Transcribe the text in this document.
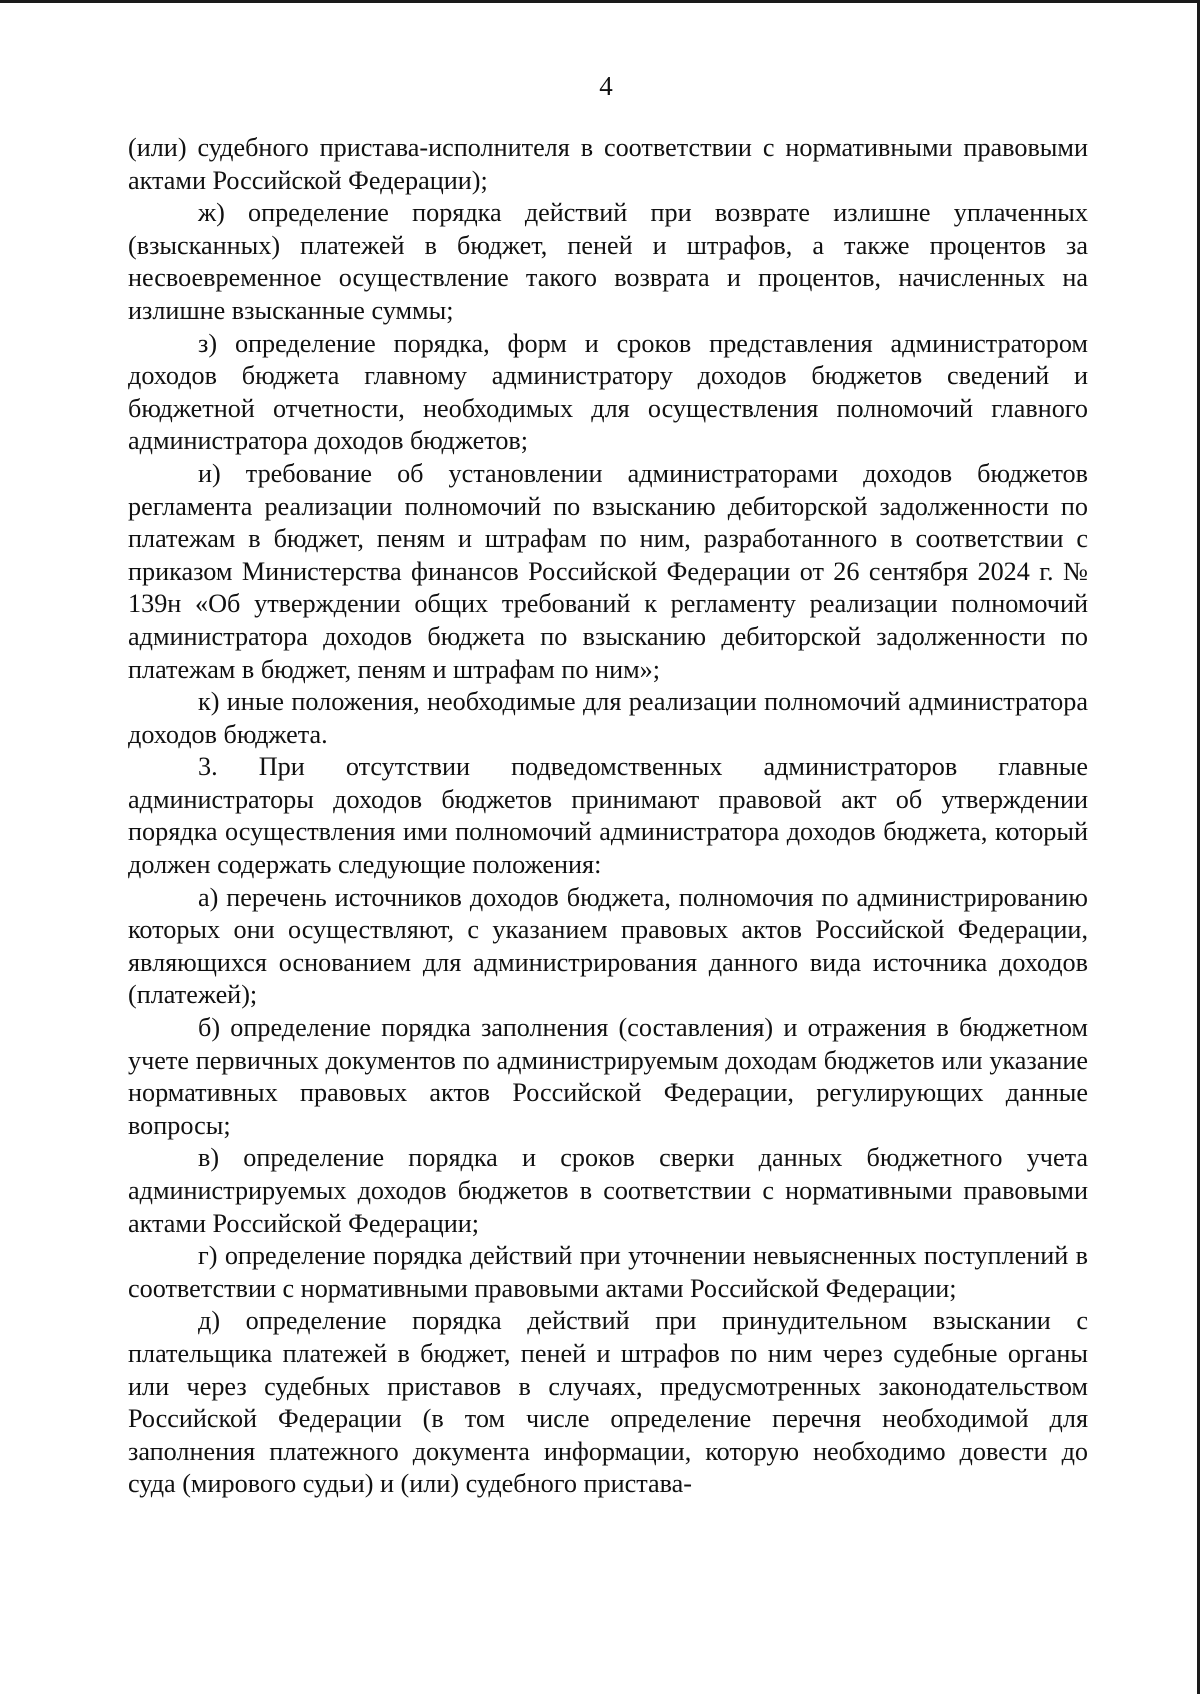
4

(или) судебного пристава-исполнителя в соответствии с нормативными правовыми актами Российской Федерации);

ж) определение порядка действий при возврате излишне уплаченных (взысканных) платежей в бюджет, пеней и штрафов, а также процентов за несвоевременное осуществление такого возврата и процентов, начисленных на излишне взысканные суммы;

з) определение порядка, форм и сроков представления администратором доходов бюджета главному администратору доходов бюджетов сведений и бюджетной отчетности, необходимых для осуществления полномочий главного администратора доходов бюджетов;

и) требование об установлении администраторами доходов бюджетов регламента реализации полномочий по взысканию дебиторской задолженности по платежам в бюджет, пеням и штрафам по ним, разработанного в соответствии с приказом Министерства финансов Российской Федерации от 26 сентября 2024 г. № 139н «Об утверждении общих требований к регламенту реализации полномочий администратора доходов бюджета по взысканию дебиторской задолженности по платежам в бюджет, пеням и штрафам по ним»;

к) иные положения, необходимые для реализации полномочий администратора доходов бюджета.

3. При отсутствии подведомственных администраторов главные администраторы доходов бюджетов принимают правовой акт об утверждении порядка осуществления ими полномочий администратора доходов бюджета, который должен содержать следующие положения:

а) перечень источников доходов бюджета, полномочия по администрированию которых они осуществляют, с указанием правовых актов Российской Федерации, являющихся основанием для администрирования данного вида источника доходов (платежей);

б) определение порядка заполнения (составления) и отражения в бюджетном учете первичных документов по администрируемым доходам бюджетов или указание нормативных правовых актов Российской Федерации, регулирующих данные вопросы;

в) определение порядка и сроков сверки данных бюджетного учета администрируемых доходов бюджетов в соответствии с нормативными правовыми актами Российской Федерации;

г) определение порядка действий при уточнении невыясненных поступлений в соответствии с нормативными правовыми актами Российской Федерации;

д) определение порядка действий при принудительном взыскании с плательщика платежей в бюджет, пеней и штрафов по ним через судебные органы или через судебных приставов в случаях, предусмотренных законодательством Российской Федерации (в том числе определение перечня необходимой для заполнения платежного документа информации, которую необходимо довести до суда (мирового судьи) и (или) судебного пристава-
